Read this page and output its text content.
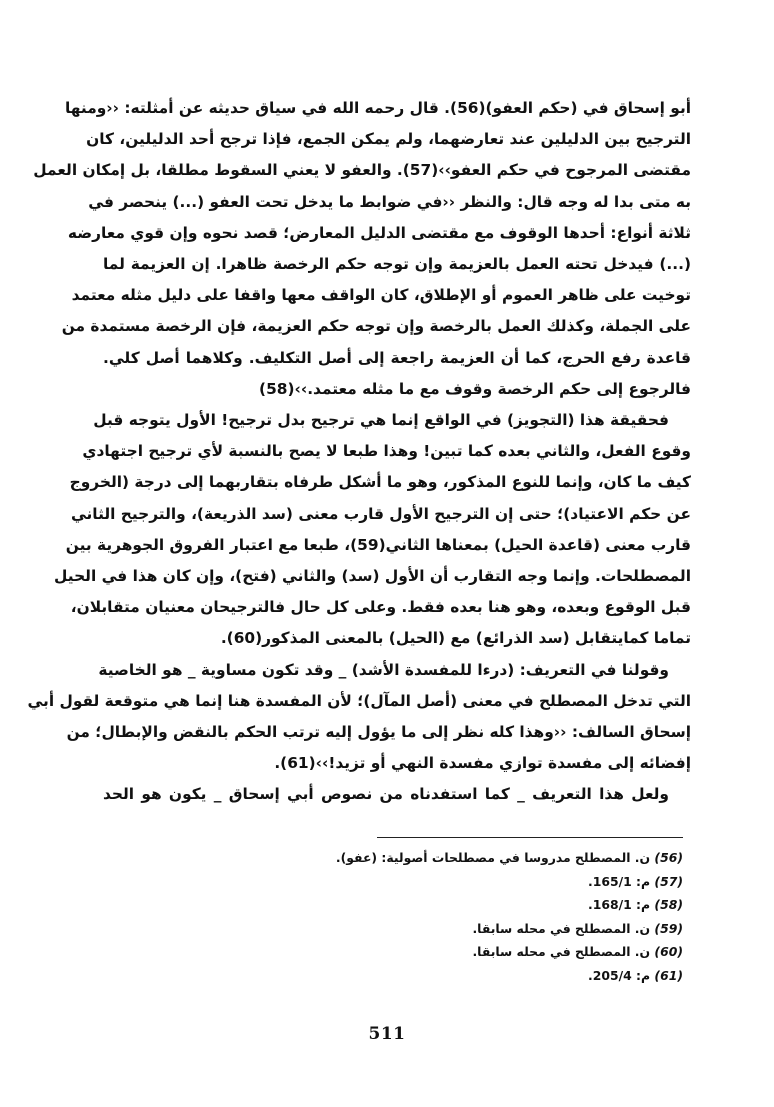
أبو إسحاق في (حكم العفو)(56). قال رحمه الله في سياق حديثه عن أمثلته: ‹‹ومنها
الترجيح بين الدليلين عند تعارضهما، ولم يمكن الجمع، فإذا ترجح أحد الدليلين، كان
مقتضى المرجوح في حكم العفو››(57). والعفو لا يعني السقوط مطلقا، بل إمكان العمل
به متى بدا له وجه قال: والنظر ‹‹في ضوابط ما يدخل تحت العفو (...) ينحصر في
ثلاثة أنواع: أحدها الوقوف مع مقتضى الدليل المعارض؛ قصد نحوه وإن قوي معارضه
(...) فيدخل تحته العمل بالعزيمة وإن توجه حكم الرخصة ظاهرا. إن العزيمة لما
توخيت على ظاهر العموم أو الإطلاق، كان الواقف معها واقفا على دليل مثله معتمد
على الجملة، وكذلك العمل بالرخصة وإن توجه حكم العزيمة، فإن الرخصة مستمدة من
قاعدة رفع الحرج، كما أن العزيمة راجعة إلى أصل التكليف. وكلاهما أصل كلي.
فالرجوع إلى حكم الرخصة وقوف مع ما مثله معتمد.››(58)

فحقيقة هذا (التجويز) في الواقع إنما هي ترجيح بدل ترجيح! الأول يتوجه قبل
وقوع الفعل، والثاني بعده كما تبين! وهذا طبعا لا يصح بالنسبة لأي ترجيح اجتهادي
كيف ما كان، وإنما للنوع المذكور، وهو ما أشكل طرفاه بتقاربهما إلى درجة (الخروج
عن حكم الاعتياد)؛ حتى إن الترجيح الأول قارب معنى (سد الذريعة)، والترجيح الثاني
قارب معنى (قاعدة الحيل) بمعناها الثاني(59)، طبعا مع اعتبار الفروق الجوهرية بين
المصطلحات. وإنما وجه التقارب أن الأول (سد) والثاني (فتح)، وإن كان هذا في الحيل
قبل الوقوع وبعده، وهو هنا بعده فقط. وعلى كل حال فالترجيحان معنيان متقابلان،
تماما كمايتقابل (سد الذرائع) مع (الحيل) بالمعنى المذكور(60).

وقولنا في التعريف: (درءا للمفسدة الأشد) _ وقد تكون مساوية _ هو الخاصية
التي تدخل المصطلح في معنى (أصل المآل)؛ لأن المفسدة هنا إنما هي متوقعة لقول أبي
إسحاق السالف: ‹‹وهذا كله نظر إلى ما يؤول إليه ترتب الحكم بالنقض والإبطال؛ من
إفضائه إلى مفسدة توازي مفسدة النهي أو تزيد!››(61).

ولعل هذا التعريف _ كما استفدناه من نصوص أبي إسحاق _ يكون هو الحد

(56) ن. المصطلح مدروسا في مصطلحات أصولية: (عفو).
(57) م: 165/1.
(58) م: 168/1.
(59) ن. المصطلح في محله سابقا.
(60) ن. المصطلح في محله سابقا.
(61) م: 205/4.
511
